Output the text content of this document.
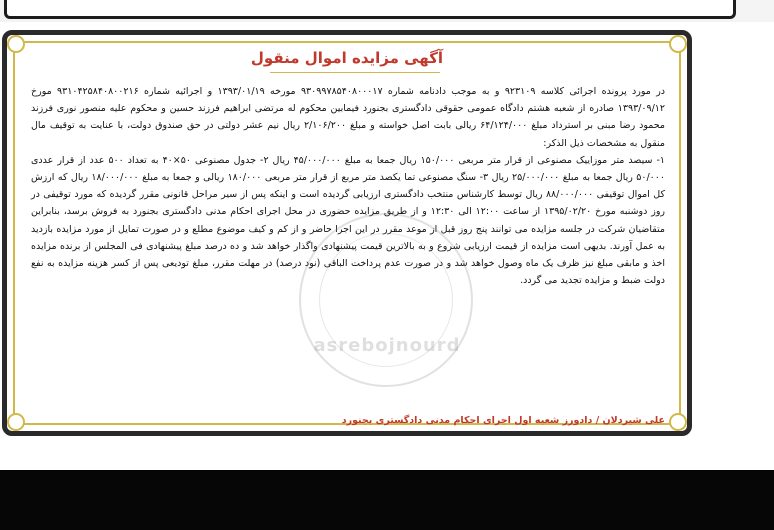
آگهی مزایده اموال منقول

در مورد پرونده اجرائی کلاسه ۹۲۳۱۰۹ و به موجب دادنامه شماره ۹۳۰۹۹۷۸۵۴۰۸۰۰۰۱۷ مورخه ۱۳۹۳/۰۱/۱۹ و اجرائیه شماره ۹۳۱۰۴۲۵۸۴۰۸۰۰۲۱۶ مورخ ۱۳۹۳/۰۹/۱۲ صادره از شعبه هشتم دادگاه عمومی حقوقی دادگستری بجنورد فیمابین محکوم له مرتضی ابراهیم فرزند حسین و محکوم علیه منصور نوری فرزند محمود رضا مبنی بر استرداد مبلغ ۶۴/۱۲۴/۰۰۰ ریالی بابت اصل خواسته و مبلغ ۲/۱۰۶/۲۰۰ ریال نیم عشر دولتی در حق صندوق دولت، با عنایت به توقیف مال منقول به مشخصات ذیل الذکر:

۱- سیصد متر موزاییک مصنوعی از قرار متر مربعی ۱۵۰/۰۰۰ ریال جمعا به مبلغ ۴۵/۰۰۰/۰۰۰ ریال ۲- جدول مصنوعی ۵۰×۴۰ به تعداد ۵۰۰ عدد از قرار عددی ۵۰/۰۰۰ ریال جمعا به مبلغ ۲۵/۰۰۰/۰۰۰ ریال ۳- سنگ مصنوعی تما یکصد متر مربع از قرار متر مربعی ۱۸۰/۰۰۰ ریالی و جمعا به مبلغ ۱۸/۰۰۰/۰۰۰ ریال که ارزش کل اموال توقیفی ۸۸/۰۰۰/۰۰۰ ریال توسط کارشناس منتخب دادگستری ارزیابی گردیده است و اینکه پس از سیر مراحل قانونی مقرر گردیده که مورد توقیفی در روز دوشنبه مورخ ۱۳۹۵/۰۲/۲۰ از ساعت ۱۲:۰۰ الی ۱۲:۳۰ و از طریق مزایده حضوری در محل اجرای احکام مدنی دادگستری بجنورد به فروش برسد، بنابراین متقاضیان شرکت در جلسه مزایده می توانند پنج روز قبل از موعد مقرر در این اجرا حاضر و از کم و کیف موضوع مطلع و در صورت تمایل از مورد مزایده بازدید به عمل آورند. بدیهی است مزایده از قیمت ارزیابی شروع و به بالاترین قیمت پیشنهادی واگذار خواهد شد و ده درصد مبلغ پیشنهادی فی المجلس از برنده مزایده اخذ و مابقی مبلغ نیز ظرف یک ماه وصول خواهد شد و در صورت عدم پرداخت الباقی (نود درصد) در مهلت مقرر، مبلغ تودیعی پس از کسر هزینه مزایده به نفع دولت ضبط و مزایده تجدید می گردد.

علی شیردلان / دادورز شعبه اول اجرای احکام مدنی دادگستری بجنورد
asrebojnourd
